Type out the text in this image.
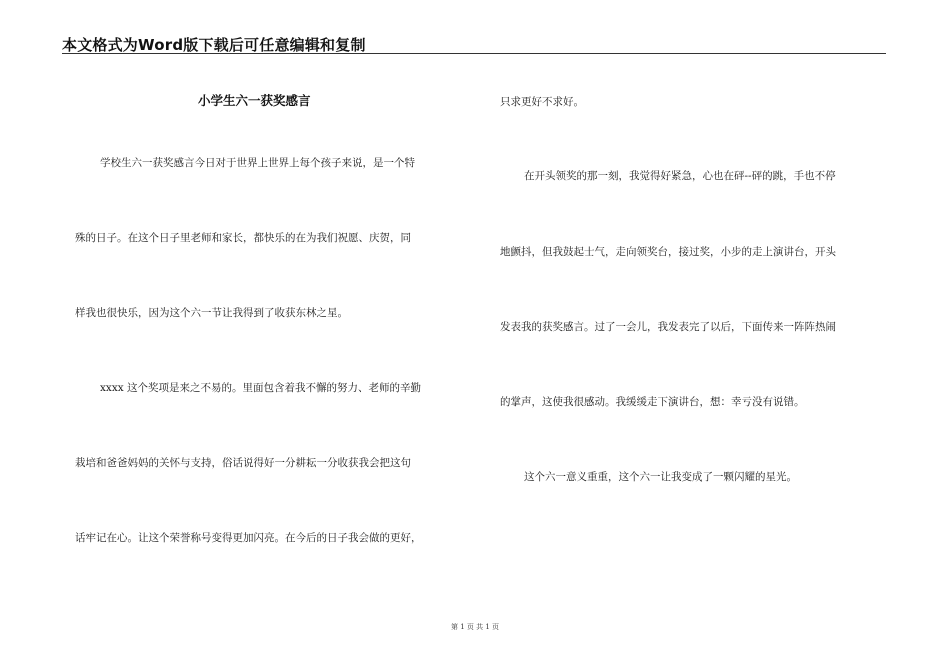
本文格式为Word版下载后可任意编辑和复制
小学生六一获奖感言
学校生六一获奖感言今日对于世界上世界上每个孩子来说，是一个特
殊的日子。在这个日子里老师和家长，都快乐的在为我们祝愿、庆贺，同
样我也很快乐，因为这个六一节让我得到了收获东林之星。
xxxx 这个奖项是来之不易的。里面包含着我不懈的努力、老师的辛勤
栽培和爸爸妈妈的关怀与支持，俗话说得好一分耕耘一分收获我会把这句
话牢记在心。让这个荣誉称号变得更加闪亮。在今后的日子我会做的更好，
只求更好不求好。
在开头领奖的那一刻，我觉得好紧急，心也在砰--砰的跳，手也不停
地颤抖，但我鼓起士气，走向领奖台，接过奖，小步的走上演讲台，开头
发表我的获奖感言。过了一会儿，我发表完了以后，下面传来一阵阵热闹
的掌声，这使我很感动。我缓缓走下演讲台，想：幸亏没有说错。
这个六一意义重重，这个六一让我变成了一颗闪耀的星光。
第 1 页 共 1 页
